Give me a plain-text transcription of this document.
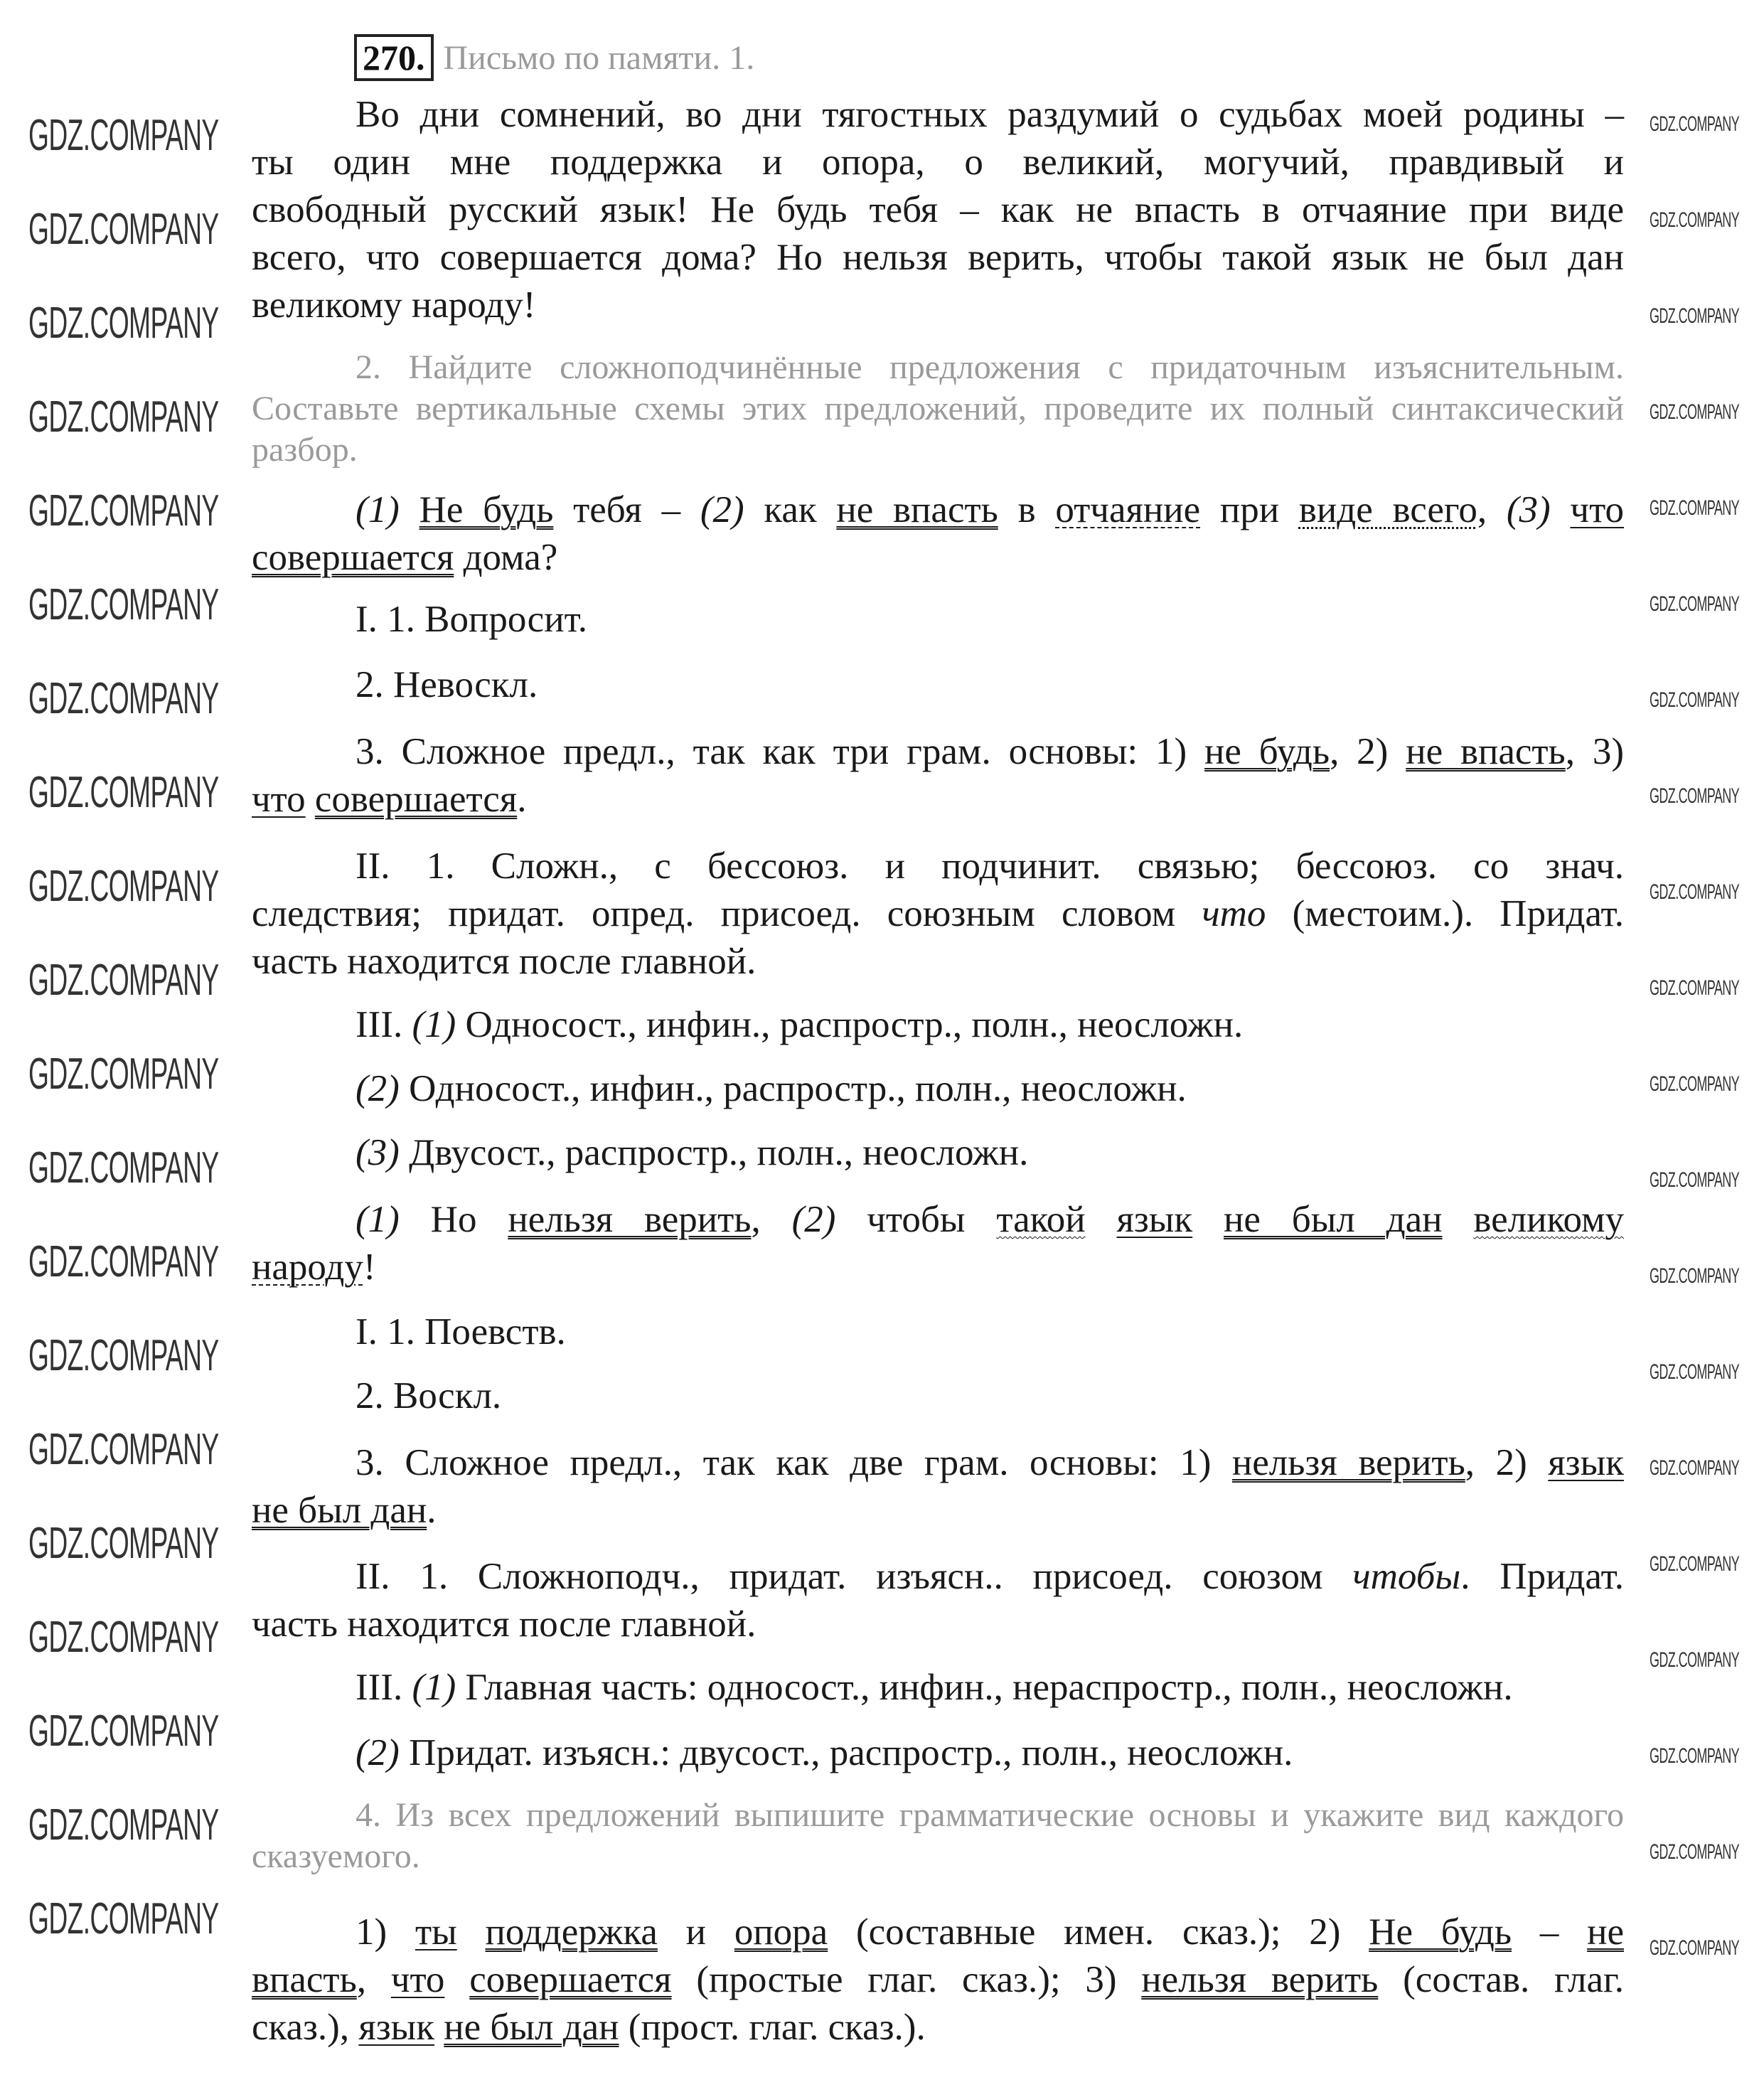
270. Письмо по памяти. 1.
Во дни сомнений, во дни тягостных раздумий о судьбах моей родины –
ты один мне поддержка и опора, о великий, могучий, правдивый и
свободный русский язык! Не будь тебя – как не впасть в отчаяние при виде
всего, что совершается дома? Но нельзя верить, чтобы такой язык не был дан
великому народу!
2. Найдите сложноподчинённые предложения с придаточным изъяснительным.
Составьте вертикальные схемы этих предложений, проведите их полный синтаксический
разбор.
(1) Не будь тебя – (2) как не впасть в отчаяние при виде всего, (3) что
совершается дома?
I. 1. Вопросит.
2. Невоскл.
3. Сложное предл., так как три грам. основы: 1) не будь, 2) не впасть, 3)
что совершается.
II. 1. Сложн., с бессоюз. и подчинит. связью; бессоюз. со знач.
следствия; придат. опред. присоед. союзным словом что (местоим.). Придат.
часть находится после главной.
III. (1) Односост., инфин., распростр., полн., неосложн.
(2) Односост., инфин., распростр., полн., неосложн.
(3) Двусост., распростр., полн., неосложн.
(1) Но нельзя верить, (2) чтобы такой язык не был дан великому
народу!
I. 1. Поевств.
2. Воскл.
3. Сложное предл., так как две грам. основы: 1) нельзя верить, 2) язык
не был дан.
II. 1. Сложноподч., придат. изъясн.. присоед. союзом чтобы. Придат.
часть находится после главной.
III. (1) Главная часть: односост., инфин., нераспростр., полн., неосложн.
(2) Придат. изъясн.: двусост., распростр., полн., неосложн.
4. Из всех предложений выпишите грамматические основы и укажите вид каждого
сказуемого.
1) ты поддержка и опора (составные имен. сказ.); 2) Не будь – не
впасть, что совершается (простые глаг. сказ.); 3) нельзя верить (состав. глаг.
сказ.), язык не был дан (прост. глаг. сказ.).
GDZ.COMPANY
GDZ.COMPANY
GDZ.COMPANY
GDZ.COMPANY
GDZ.COMPANY
GDZ.COMPANY
GDZ.COMPANY
GDZ.COMPANY
GDZ.COMPANY
GDZ.COMPANY
GDZ.COMPANY
GDZ.COMPANY
GDZ.COMPANY
GDZ.COMPANY
GDZ.COMPANY
GDZ.COMPANY
GDZ.COMPANY
GDZ.COMPANY
GDZ.COMPANY
GDZ.COMPANY
GDZ.COMPANY
GDZ.COMPANY
GDZ.COMPANY
GDZ.COMPANY
GDZ.COMPANY
GDZ.COMPANY
GDZ.COMPANY
GDZ.COMPANY
GDZ.COMPANY
GDZ.COMPANY
GDZ.COMPANY
GDZ.COMPANY
GDZ.COMPANY
GDZ.COMPANY
GDZ.COMPANY
GDZ.COMPANY
GDZ.COMPANY
GDZ.COMPANY
GDZ.COMPANY
GDZ.COMPANY
